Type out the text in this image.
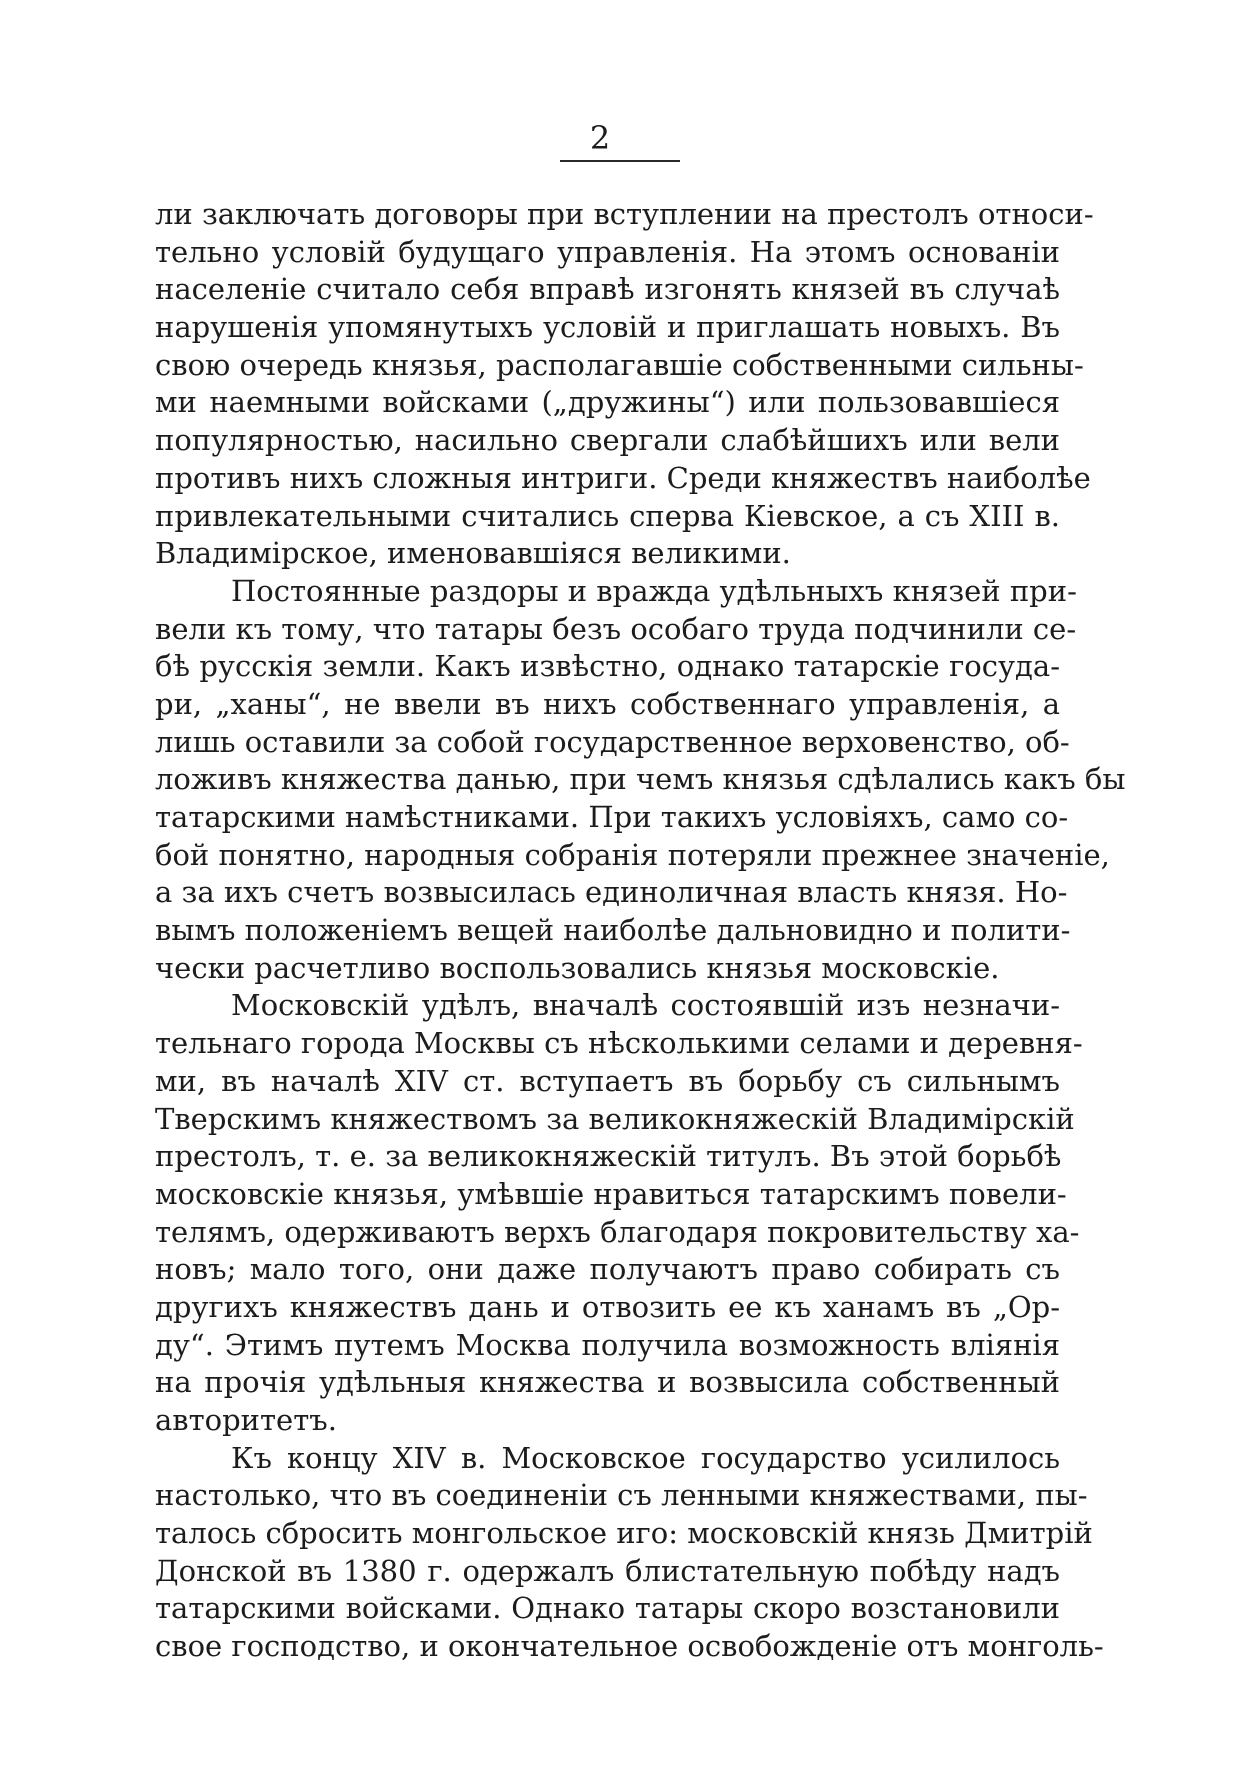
2
ли заключать договоры при вступлении на престолъ относи-
тельно условій будущаго управленія. На этомъ основаніи
населеніе считало себя вправѣ изгонять князей въ случаѣ
нарушенія упомянутыхъ условій и приглашать новыхъ. Въ
свою очередь князья, располагавшіе собственными сильны-
ми наемными войсками („дружины“) или пользовавшіеся
популярностью, насильно свергали слабѣйшихъ или вели
противъ нихъ сложныя интриги. Среди княжествъ наиболѣе
привлекательными считались сперва Кіевское, а съ XIII в.
Владимірское, именовавшіяся великими.
Постоянные раздоры и вражда удѣльныхъ князей при-
вели къ тому, что татары безъ особаго труда подчинили се-
бѣ русскія земли. Какъ извѣстно, однако татарскіе госуда-
ри, „ханы“, не ввели въ нихъ собственнаго управленія, а
лишь оставили за собой государственное верховенство, об-
ложивъ княжества данью, при чемъ князья сдѣлались какъ бы
татарскими намѣстниками. При такихъ условіяхъ, само со-
бой понятно, народныя собранія потеряли прежнее значеніе,
а за ихъ счетъ возвысилась единоличная власть князя. Но-
вымъ положеніемъ вещей наиболѣе дальновидно и полити-
чески расчетливо воспользовались князья московскіе.
Московскій удѣлъ, вначалѣ состоявшій изъ незначи-
тельнаго города Москвы съ нѣсколькими селами и деревня-
ми, въ началѣ XIV ст. вступаетъ въ борьбу съ сильнымъ
Тверскимъ княжествомъ за великокняжескій Владимірскій
престолъ, т. е. за великокняжескій титулъ. Въ этой борьбѣ
московскіе князья, умѣвшіе нравиться татарскимъ повели-
телямъ, одерживаютъ верхъ благодаря покровительству ха-
новъ; мало того, они даже получаютъ право собирать съ
другихъ княжествъ дань и отвозить ее къ ханамъ въ „Ор-
ду“. Этимъ путемъ Москва получила возможность вліянія
на прочія удѣльныя княжества и возвысила собственный
авторитетъ.
Къ концу XIV в. Московское государство усилилось
настолько, что въ соединеніи съ ленными княжествами, пы-
талось сбросить монгольское иго: московскій князь Дмитрій
Донской въ 1380 г. одержалъ блистательную побѣду надъ
татарскими войсками. Однако татары скоро возстановили
свое господство, и окончательное освобожденіе отъ монголь-
